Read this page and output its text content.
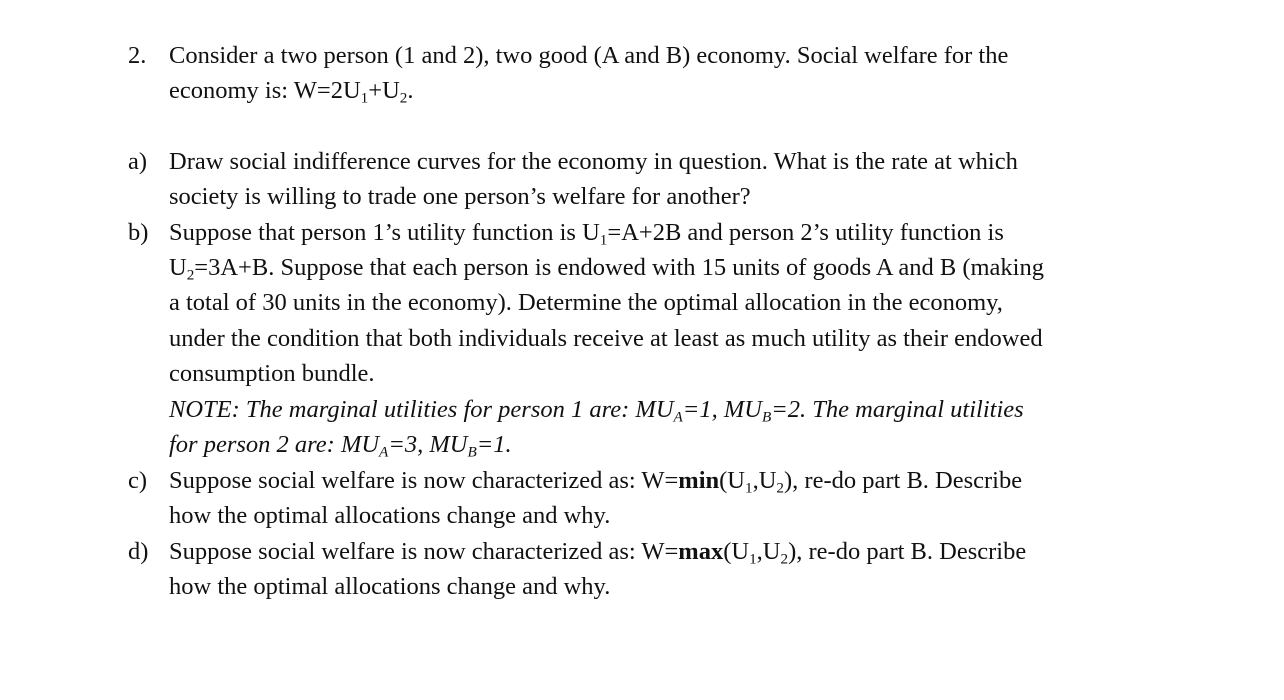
2. Consider a two person (1 and 2), two good (A and B) economy. Social welfare for the
economy is: $W=2U_1+U_2$.
a) Draw social indifference curves for the economy in question. What is the rate at which
society is willing to trade one person’s welfare for another?
b) Suppose that person 1’s utility function is $U_1=A+2B$ and person 2’s utility function is
$U_2=3A+B$. Suppose that each person is endowed with 15 units of goods A and B (making
a total of 30 units in the economy). Determine the optimal allocation in the economy,
under the condition that both individuals receive at least as much utility as their endowed
consumption bundle.
NOTE: The marginal utilities for person 1 are: $MU_A=1$, $MU_B=2$. The marginal utilities
for person 2 are: $MU_A=3$, $MU_B=1$.
c) Suppose social welfare is now characterized as: $W=\min(U_1,U_2)$, re-do part B. Describe
how the optimal allocations change and why.
d) Suppose social welfare is now characterized as: $W=\max(U_1,U_2)$, re-do part B. Describe
how the optimal allocations change and why.
